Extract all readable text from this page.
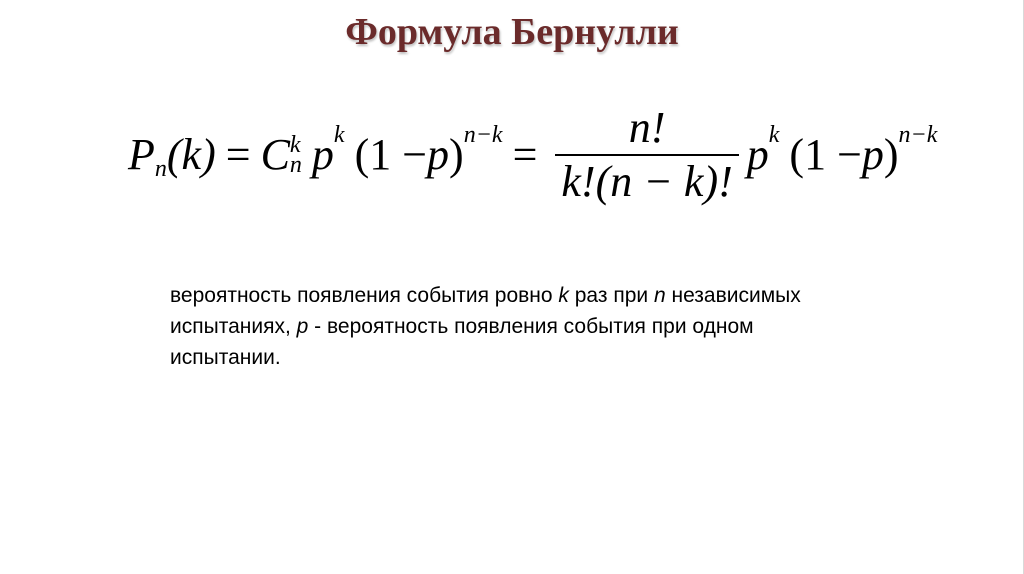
Формула Бернулли
P n (k) = C k
n p k (1 − p ) $n-k = \frac{n!}{k!(n - k)!}$ p k (1 − p ) n−k
вероятность появления события ровно k раз при n независимых испытаниях, p - вероятность появления события при одном испытании.
